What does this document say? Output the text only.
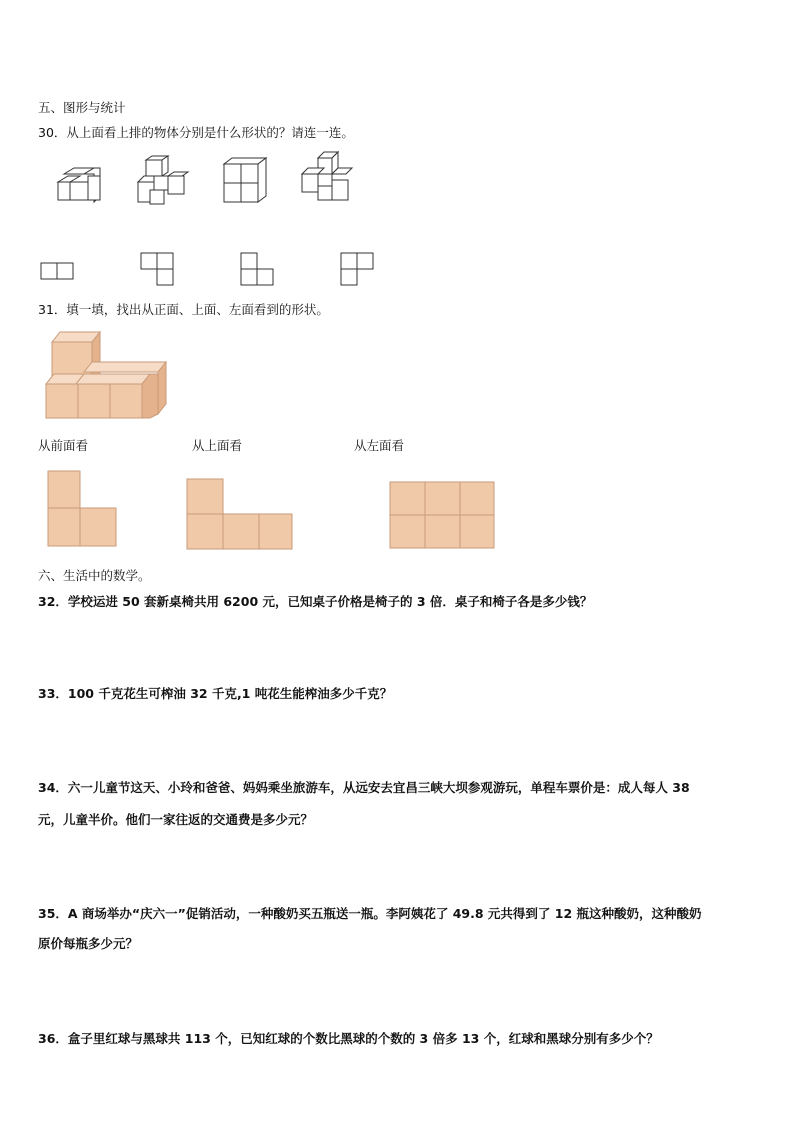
五、图形与统计
30．从上面看上排的物体分别是什么形状的？请连一连。
31．填一填，找出从正面、上面、左面看到的形状。
从前面看	从上面看	从左面看
六、生活中的数学。
32．学校运进 50 套新桌椅共用 6200 元，已知桌子价格是椅子的 3 倍．桌子和椅子各是多少钱？
33．100 千克花生可榨油 32 千克,1 吨花生能榨油多少千克？
34．六一儿童节这天、小玲和爸爸、妈妈乘坐旅游车，从远安去宜昌三峡大坝参观游玩，单程车票价是：成人每人 38
元，儿童半价。他们一家往返的交通费是多少元？
35．A 商场举办“庆六一”促销活动，一种酸奶买五瓶送一瓶。李阿姨花了 49.8 元共得到了 12 瓶这种酸奶，这种酸奶
原价每瓶多少元？
36．盒子里红球与黑球共 113 个，已知红球的个数比黑球的个数的 3 倍多 13 个，红球和黑球分别有多少个？
